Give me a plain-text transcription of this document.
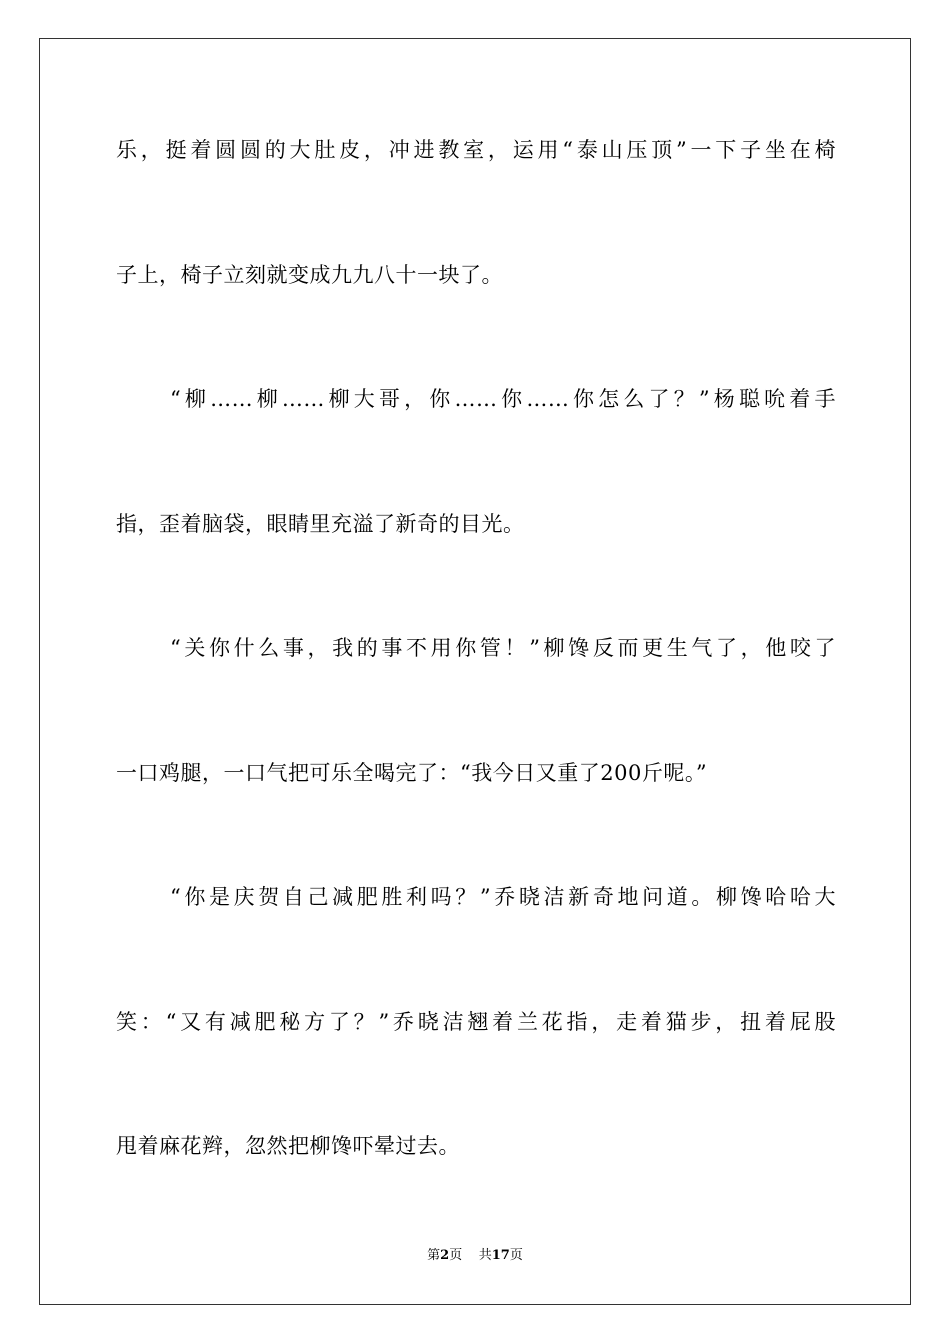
乐，挺着圆圆的大肚皮，冲进教室，运用“泰山压顶”一下子坐在椅
子上，椅子立刻就变成九九八十一块了。
“柳……柳……柳大哥，你……你……你怎么了？”杨聪吮着手
指，歪着脑袋，眼睛里充溢了新奇的目光。
“关你什么事，我的事不用你管！”柳馋反而更生气了，他咬了
一口鸡腿，一口气把可乐全喝完了：“我今日又重了200斤呢。”
“你是庆贺自己减肥胜利吗？”乔晓洁新奇地问道。柳馋哈哈大
笑：“又有减肥秘方了？”乔晓洁翘着兰花指，走着猫步，扭着屁股
甩着麻花辫，忽然把柳馋吓晕过去。
第2页    共17页
